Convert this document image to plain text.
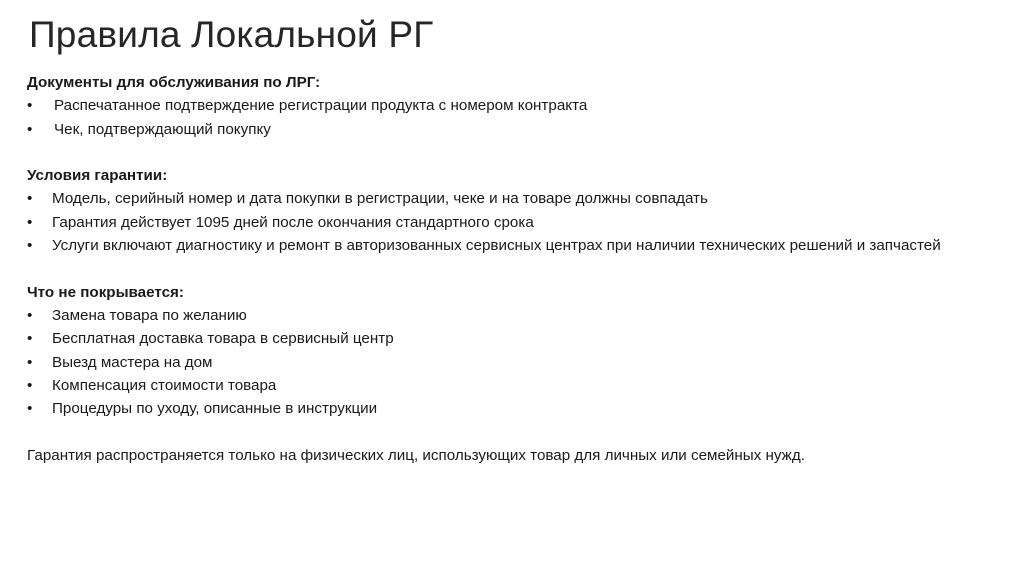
Правила Локальной РГ

Документы для обслуживания по ЛРГ:

•	Распечатанное подтверждение регистрации продукта с номером контракта
•	Чек, подтверждающий покупку

Условия гарантии:

•	Модель, серийный номер и дата покупки в регистрации, чеке и на товаре должны совпадать
•	Гарантия действует 1095 дней после окончания стандартного срока
•	Услуги включают диагностику и ремонт в авторизованных сервисных центрах при наличии технических решений и запчастей

Что не покрывается:

•	Замена товара по желанию
•	Бесплатная доставка товара в сервисный центр
•	Выезд мастера на дом
•	Компенсация стоимости товара
•	Процедуры по уходу, описанные в инструкции

Гарантия распространяется только на физических лиц, использующих товар для личных или семейных нужд.
